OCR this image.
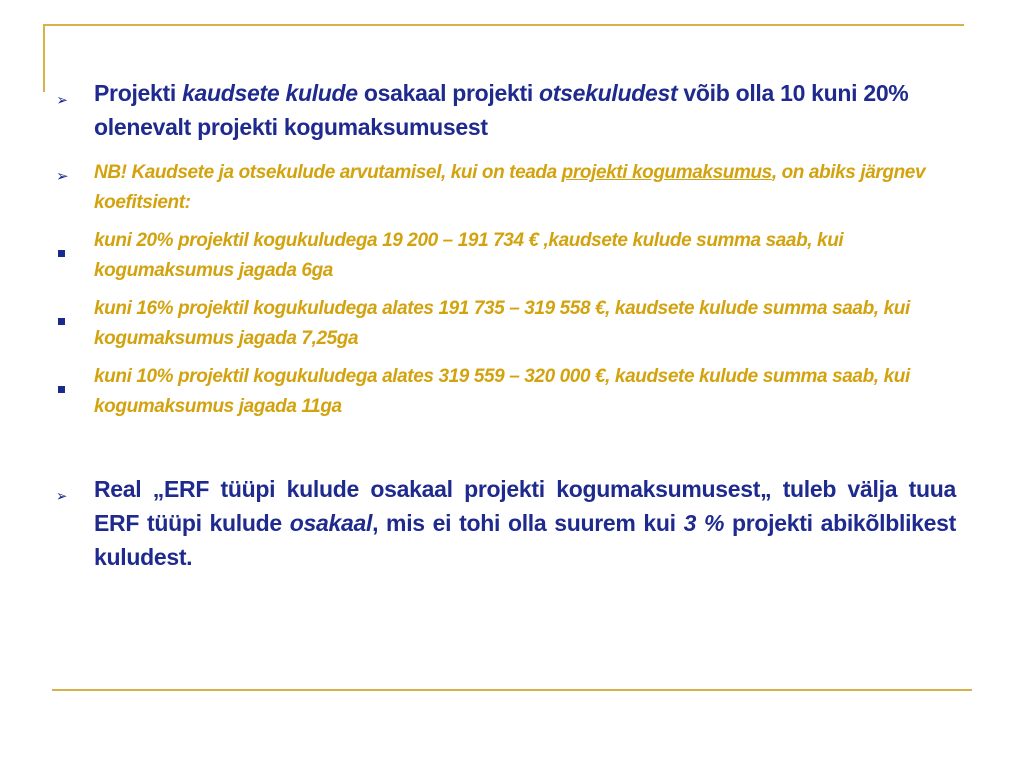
➢ Projekti kaudsete kulude osakaal projekti otsekuludest võib olla 10 kuni 20% olenevalt projekti kogumaksumusest
➢ NB! Kaudsete ja otsekulude arvutamisel, kui on teada projekti kogumaksumus, on abiks järgnev koefitsient:
kuni 20% projektil kogukuludega 19 200 – 191 734 € ,kaudsete kulude summa saab, kui kogumaksumus jagada 6ga
kuni 16% projektil kogukuludega alates 191 735 – 319 558 €, kaudsete kulude summa saab, kui kogumaksumus jagada 7,25ga
kuni 10% projektil kogukuludega alates 319 559 – 320 000 €, kaudsete kulude summa saab, kui kogumaksumus jagada 11ga
➢ Real „ERF tüüpi kulude osakaal projekti kogumaksumusest„ tuleb välja tuua ERF tüüpi kulude osakaal, mis ei tohi olla suurem kui 3 % projekti abikõlblikest kuludest.
